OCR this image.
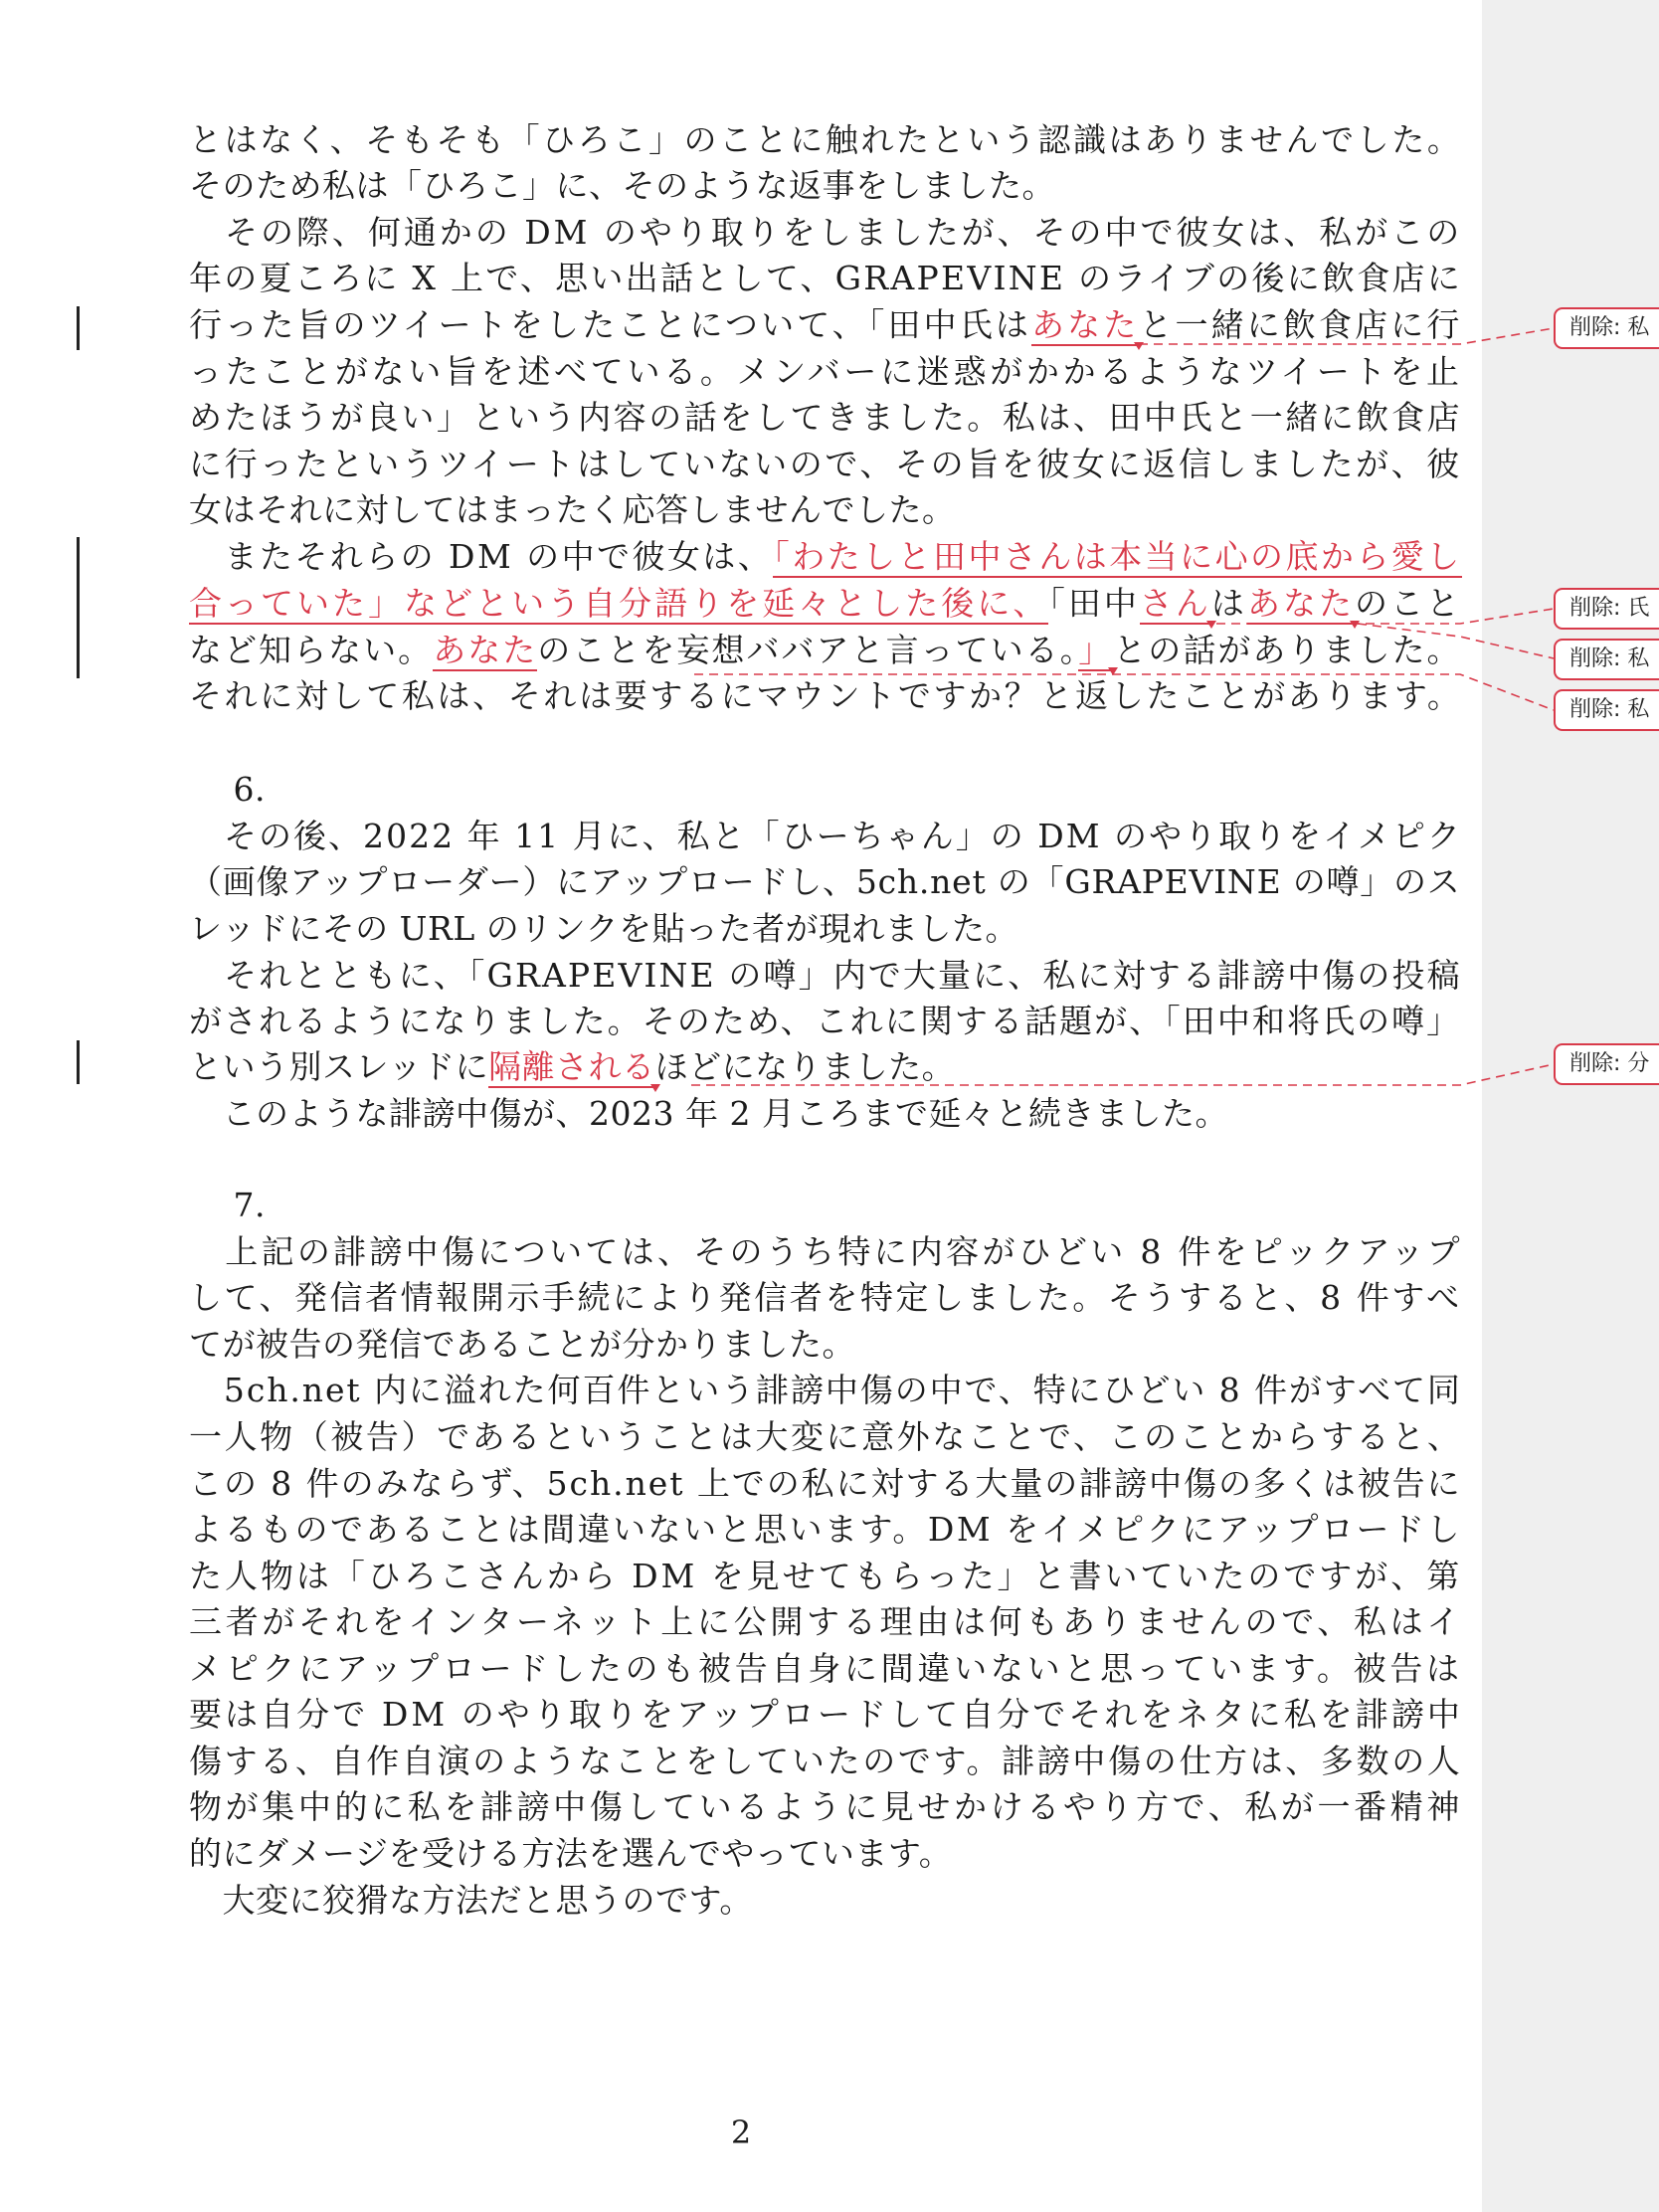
とはなく、そもそも「ひろこ」のことに触れたという認識はありませんでした。
そのため私は「ひろこ」に、そのような返事をしました。
　その際、何通かの DM のやり取りをしましたが、その中で彼女は、私がこの
年の夏ころに X 上で、思い出話として、GRAPEVINE のライブの後に飲食店に
行った旨のツイートをしたことについて、「田中氏はあなたと一緒に飲食店に行
ったことがない旨を述べている。メンバーに迷惑がかかるようなツイートを止
めたほうが良い」という内容の話をしてきました。私は、田中氏と一緒に飲食店
に行ったというツイートはしていないので、その旨を彼女に返信しましたが、彼
女はそれに対してはまったく応答しませんでした。
　またそれらの DM の中で彼女は、「わたしと田中さんは本当に心の底から愛し
合っていた」などという自分語りを延々とした後に、「田中さんはあなたのこと
など知らない。あなたのことを妄想ババアと言っている。」との話がありました。
それに対して私は、それは要するにマウントですか？と返したことがあります。
　 6.
　その後、2022 年 11 月に、私と「ひーちゃん」の DM のやり取りをイメピク
（画像アップローダー）にアップロードし、5ch.net の「GRAPEVINE の噂」のス
レッドにその URL のリンクを貼った者が現れました。
　それとともに、「GRAPEVINE の噂」内で大量に、私に対する誹謗中傷の投稿
がされるようになりました。そのため、これに関する話題が、「田中和将氏の噂」
という別スレッドに隔離されるほどになりました。
　このような誹謗中傷が、2023 年 2 月ころまで延々と続きました。
　 7.
　上記の誹謗中傷については、そのうち特に内容がひどい 8 件をピックアップ
して、発信者情報開示手続により発信者を特定しました。そうすると、8 件すべ
てが被告の発信であることが分かりました。
　5ch.net 内に溢れた何百件という誹謗中傷の中で、特にひどい 8 件がすべて同
一人物（被告）であるということは大変に意外なことで、このことからすると、
この 8 件のみならず、5ch.net 上での私に対する大量の誹謗中傷の多くは被告に
よるものであることは間違いないと思います。DM をイメピクにアップロードし
た人物は「ひろこさんから DM を見せてもらった」と書いていたのですが、第
三者がそれをインターネット上に公開する理由は何もありませんので、私はイ
メピクにアップロードしたのも被告自身に間違いないと思っています。被告は
要は自分で DM のやり取りをアップロードして自分でそれをネタに私を誹謗中
傷する、自作自演のようなことをしていたのです。誹謗中傷の仕方は、多数の人
物が集中的に私を誹謗中傷しているように見せかけるやり方で、私が一番精神
的にダメージを受ける方法を選んでやっています。
　大変に狡猾な方法だと思うのです。
削除: 私
削除: 氏
削除: 私
削除: 私
削除: 分
2
